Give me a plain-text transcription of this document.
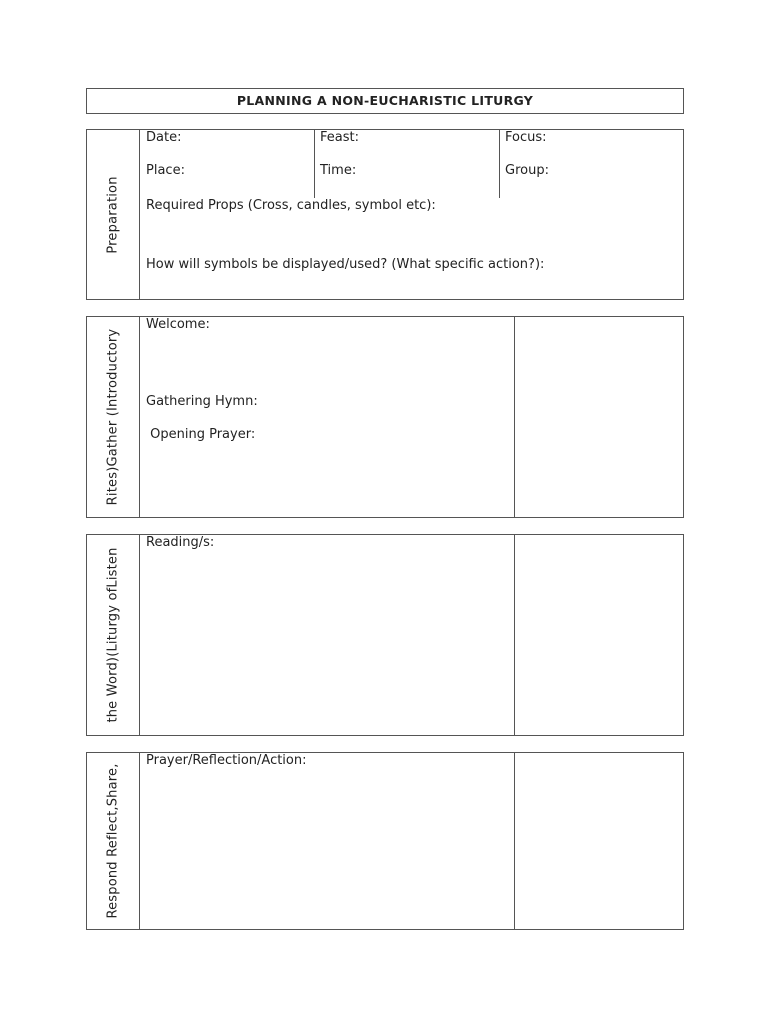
PLANNING A NON-EUCHARISTIC LITURGY
Preparation
Date:	Feast:	Focus:
Place:	Time:	Group:
Required Props (Cross, candles, symbol etc):
How will symbols be displayed/used? (What specific action?):
Rites)Gather (Introductory
Welcome:
Gathering Hymn:
Opening Prayer:
the Word)(Liturgy ofListen
Reading/s:
Respond Reflect,Share,
Prayer/Reflection/Action:
